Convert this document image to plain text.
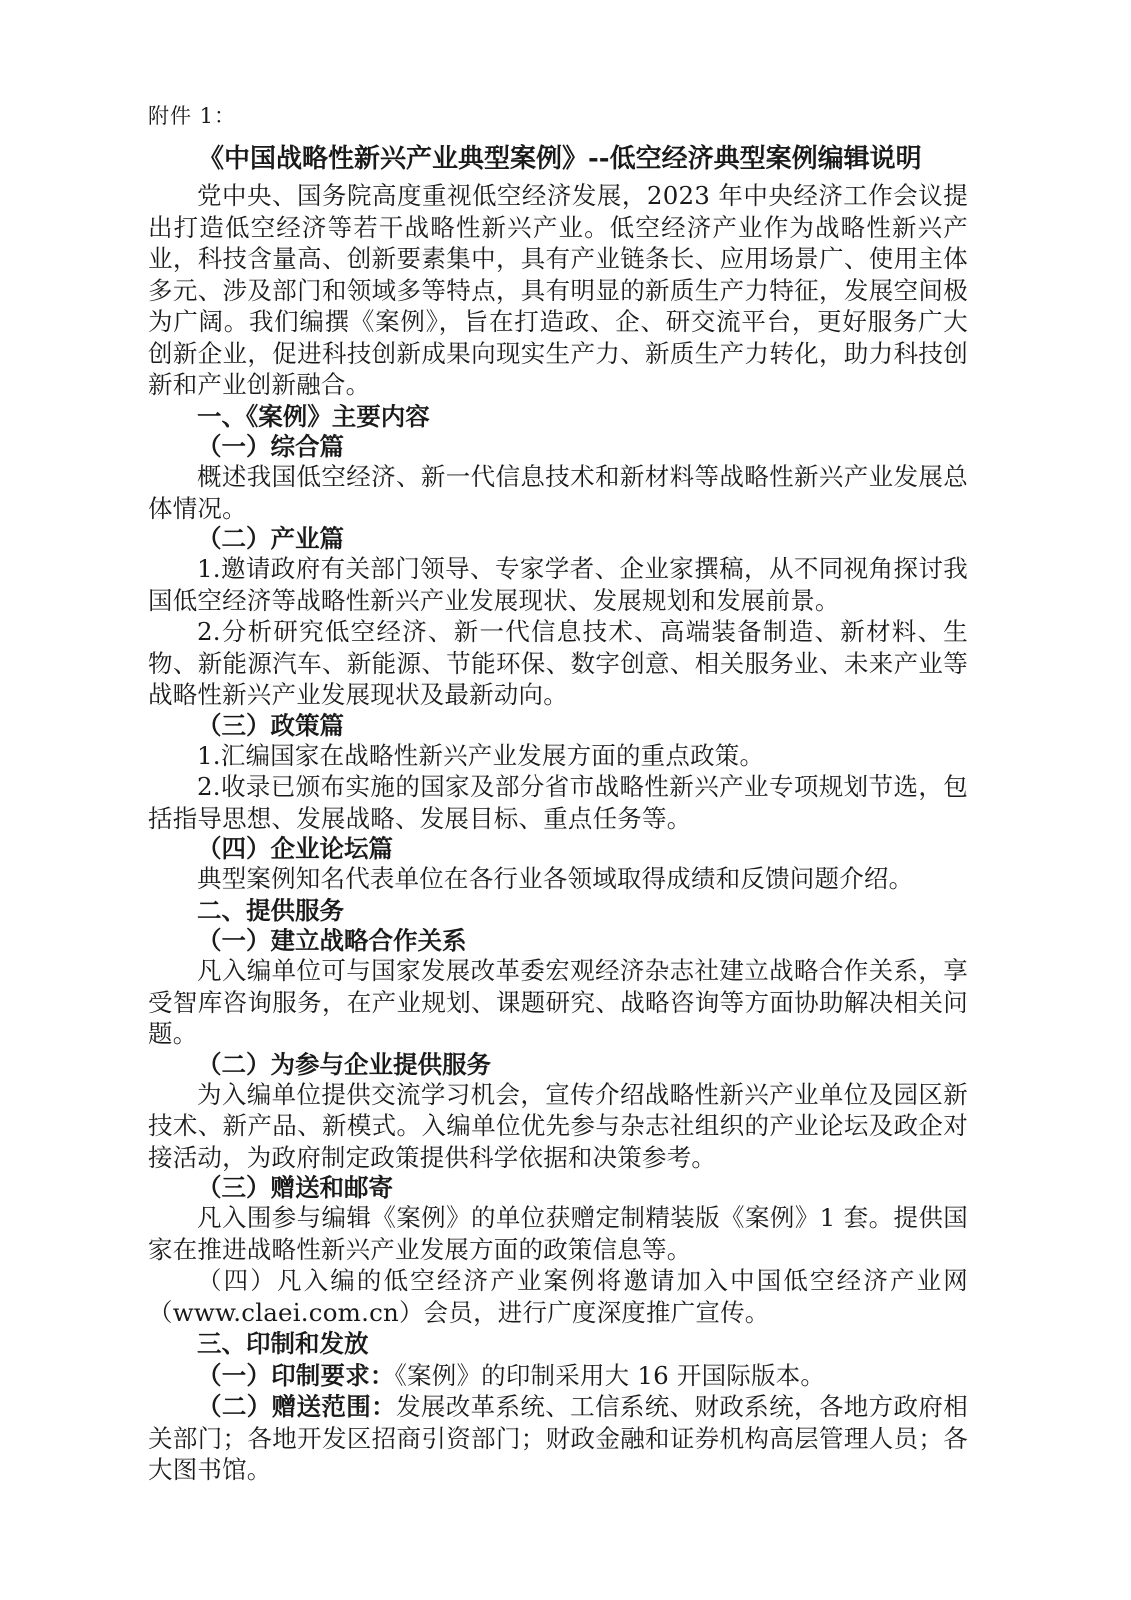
附件 1：
《中国战略性新兴产业典型案例》--低空经济典型案例编辑说明

党中央、国务院高度重视低空经济发展，2023 年中央经济工作会议提出打造低空经济等若干战略性新兴产业。低空经济产业作为战略性新兴产业，科技含量高、创新要素集中，具有产业链条长、应用场景广、使用主体多元、涉及部门和领域多等特点，具有明显的新质生产力特征，发展空间极为广阔。我们编撰《案例》，旨在打造政、企、研交流平台，更好服务广大创新企业，促进科技创新成果向现实生产力、新质生产力转化，助力科技创新和产业创新融合。

一、《案例》主要内容

（一）综合篇

概述我国低空经济、新一代信息技术和新材料等战略性新兴产业发展总体情况。

（二）产业篇

1.邀请政府有关部门领导、专家学者、企业家撰稿，从不同视角探讨我国低空经济等战略性新兴产业发展现状、发展规划和发展前景。

2.分析研究低空经济、新一代信息技术、高端装备制造、新材料、生物、新能源汽车、新能源、节能环保、数字创意、相关服务业、未来产业等战略性新兴产业发展现状及最新动向。

（三）政策篇

1.汇编国家在战略性新兴产业发展方面的重点政策。

2.收录已颁布实施的国家及部分省市战略性新兴产业专项规划节选，包括指导思想、发展战略、发展目标、重点任务等。

（四）企业论坛篇

典型案例知名代表单位在各行业各领域取得成绩和反馈问题介绍。

二、提供服务

（一）建立战略合作关系

凡入编单位可与国家发展改革委宏观经济杂志社建立战略合作关系，享受智库咨询服务，在产业规划、课题研究、战略咨询等方面协助解决相关问题。

（二）为参与企业提供服务

为入编单位提供交流学习机会，宣传介绍战略性新兴产业单位及园区新技术、新产品、新模式。入编单位优先参与杂志社组织的产业论坛及政企对接活动，为政府制定政策提供科学依据和决策参考。

（三）赠送和邮寄

凡入围参与编辑《案例》的单位获赠定制精装版《案例》1 套。提供国家在推进战略性新兴产业发展方面的政策信息等。

（四）凡入编的低空经济产业案例将邀请加入中国低空经济产业网（www.claei.com.cn）会员，进行广度深度推广宣传。

三、印制和发放

（一）印制要求：《案例》的印制采用大 16 开国际版本。

（二）赠送范围：发展改革系统、工信系统、财政系统，各地方政府相关部门；各地开发区招商引资部门；财政金融和证券机构高层管理人员；各大图书馆。
